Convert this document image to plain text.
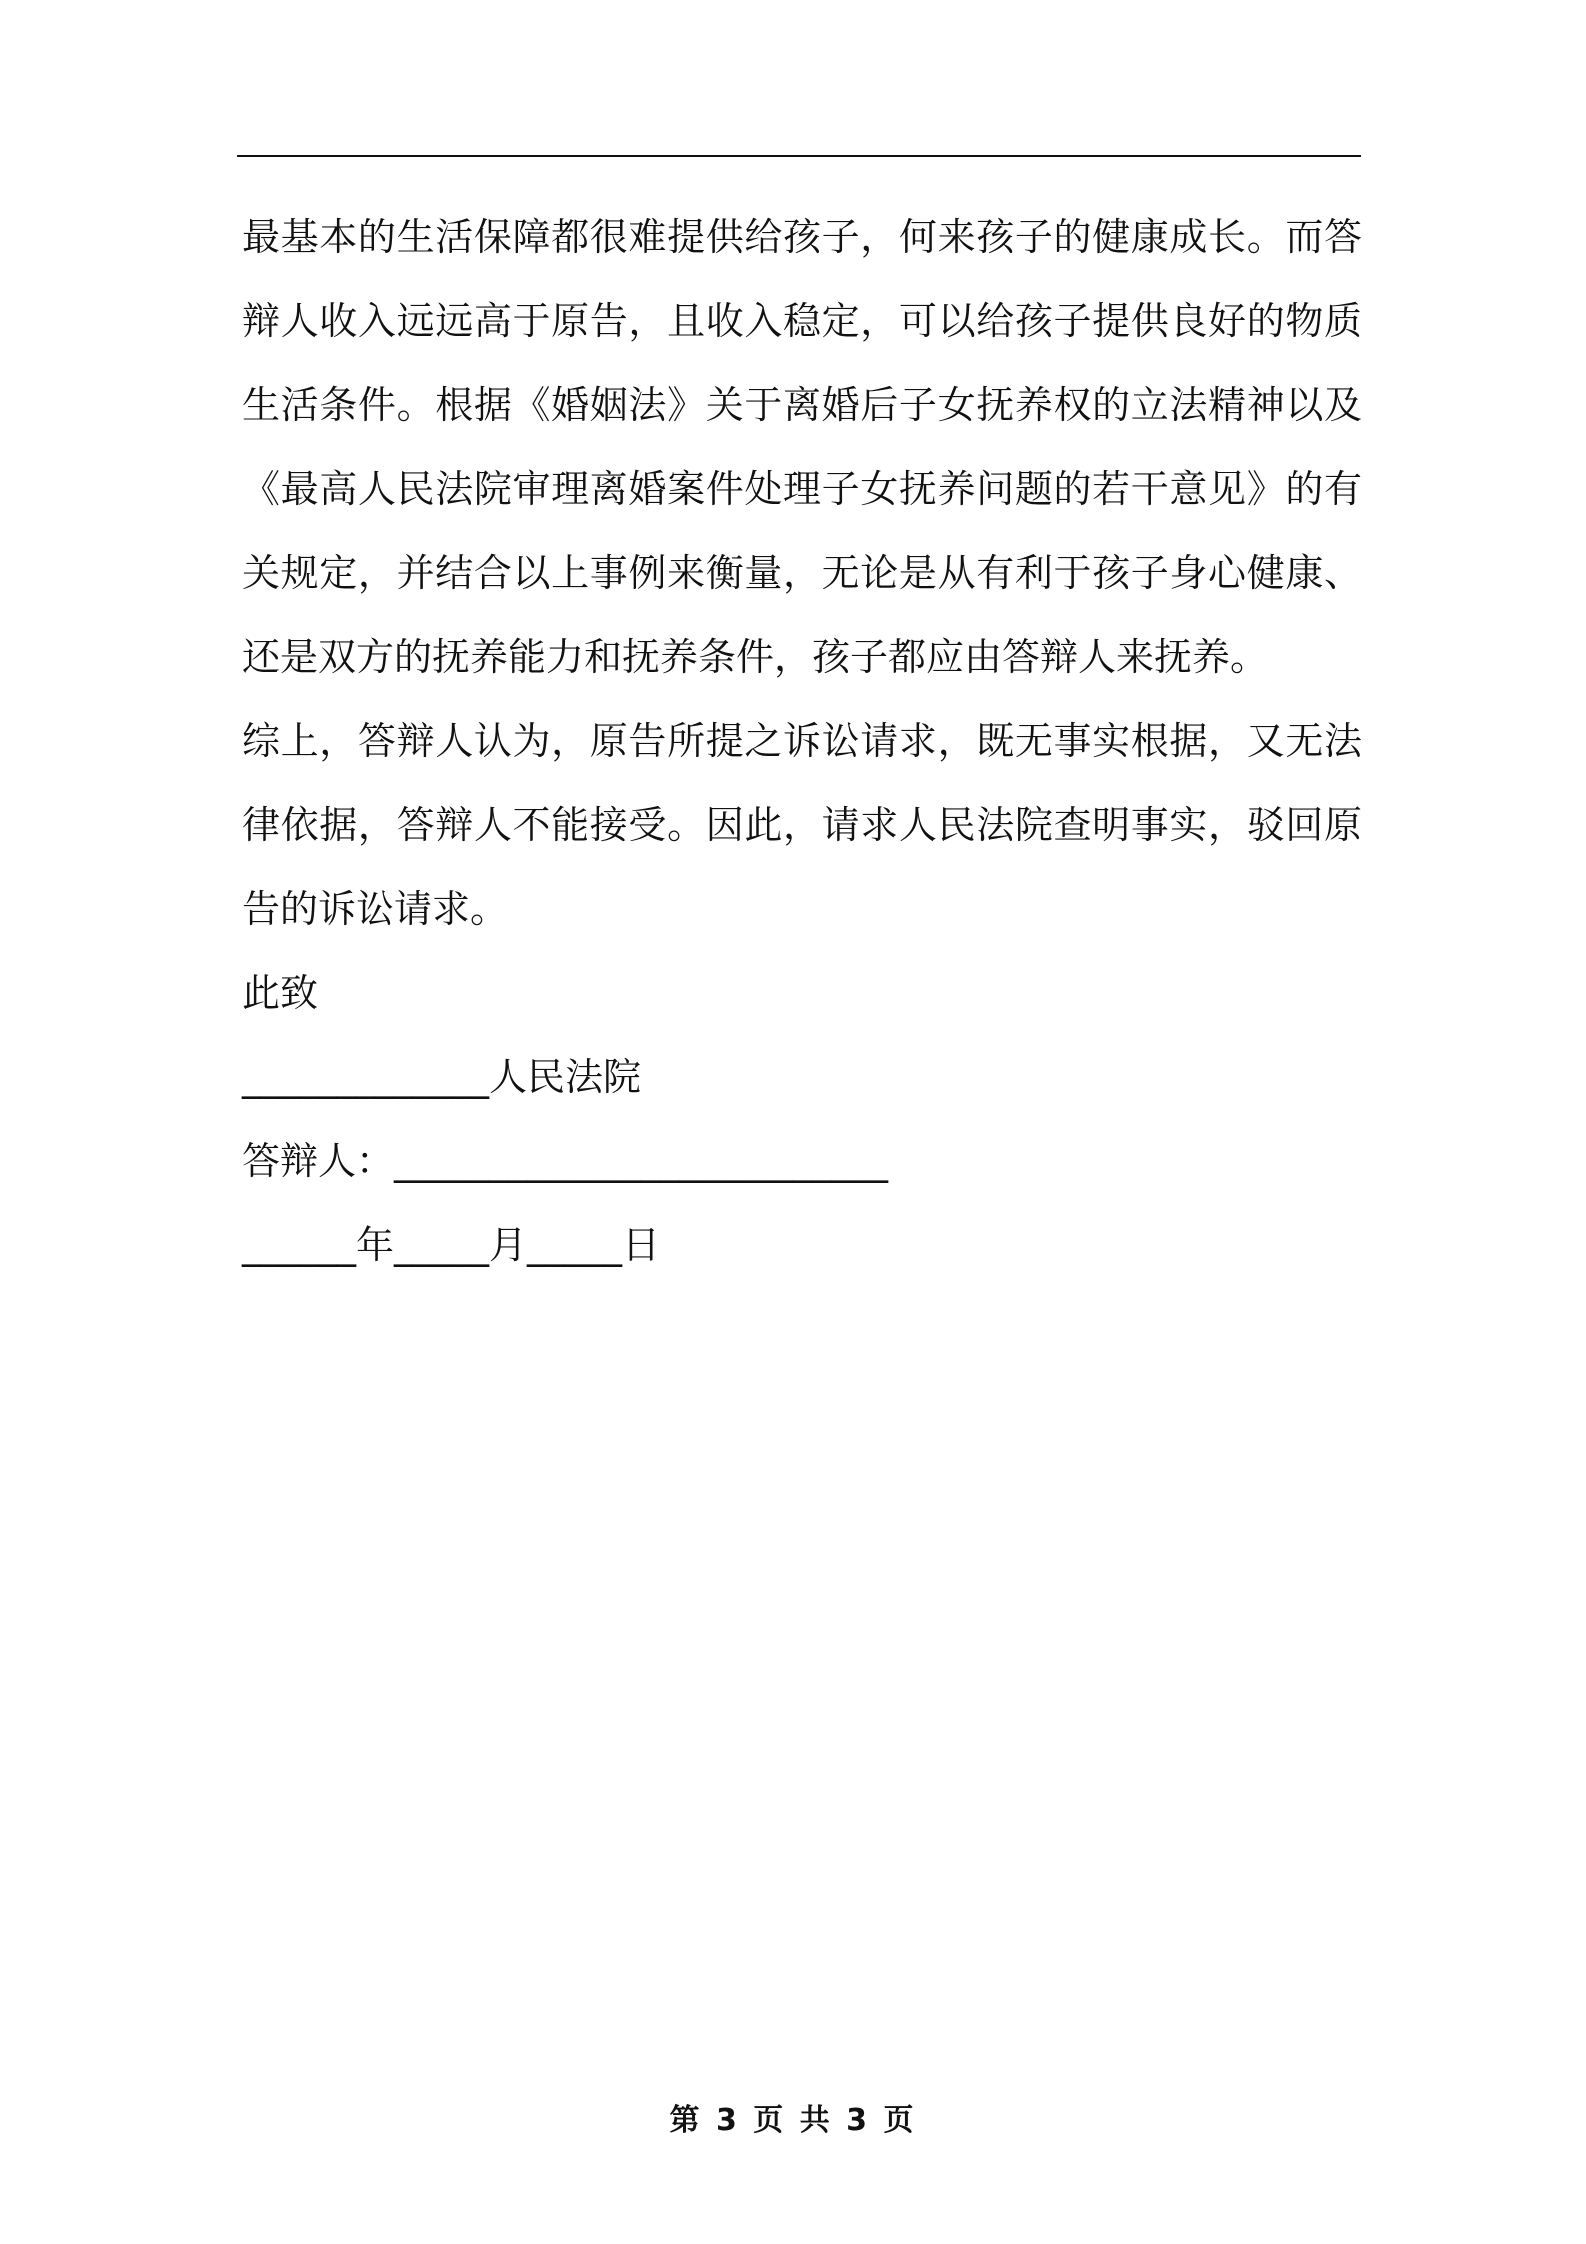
最基本的生活保障都很难提供给孩子，何来孩子的健康成长。而答辩人收入远远高于原告，且收入稳定，可以给孩子提供良好的物质生活条件。根据《婚姻法》关于离婚后子女抚养权的立法精神以及《最高人民法院审理离婚案件处理子女抚养问题的若干意见》的有关规定，并结合以上事例来衡量，无论是从有利于孩子身心健康、还是双方的抚养能力和抚养条件，孩子都应由答辩人来抚养。

综上，答辩人认为，原告所提之诉讼请求，既无事实根据，又无法律依据，答辩人不能接受。因此，请求人民法院查明事实，驳回原告的诉讼请求。

此致

_____________人民法院

答辩人：__________________________

______年_____月_____日

第 3 页 共 3 页
